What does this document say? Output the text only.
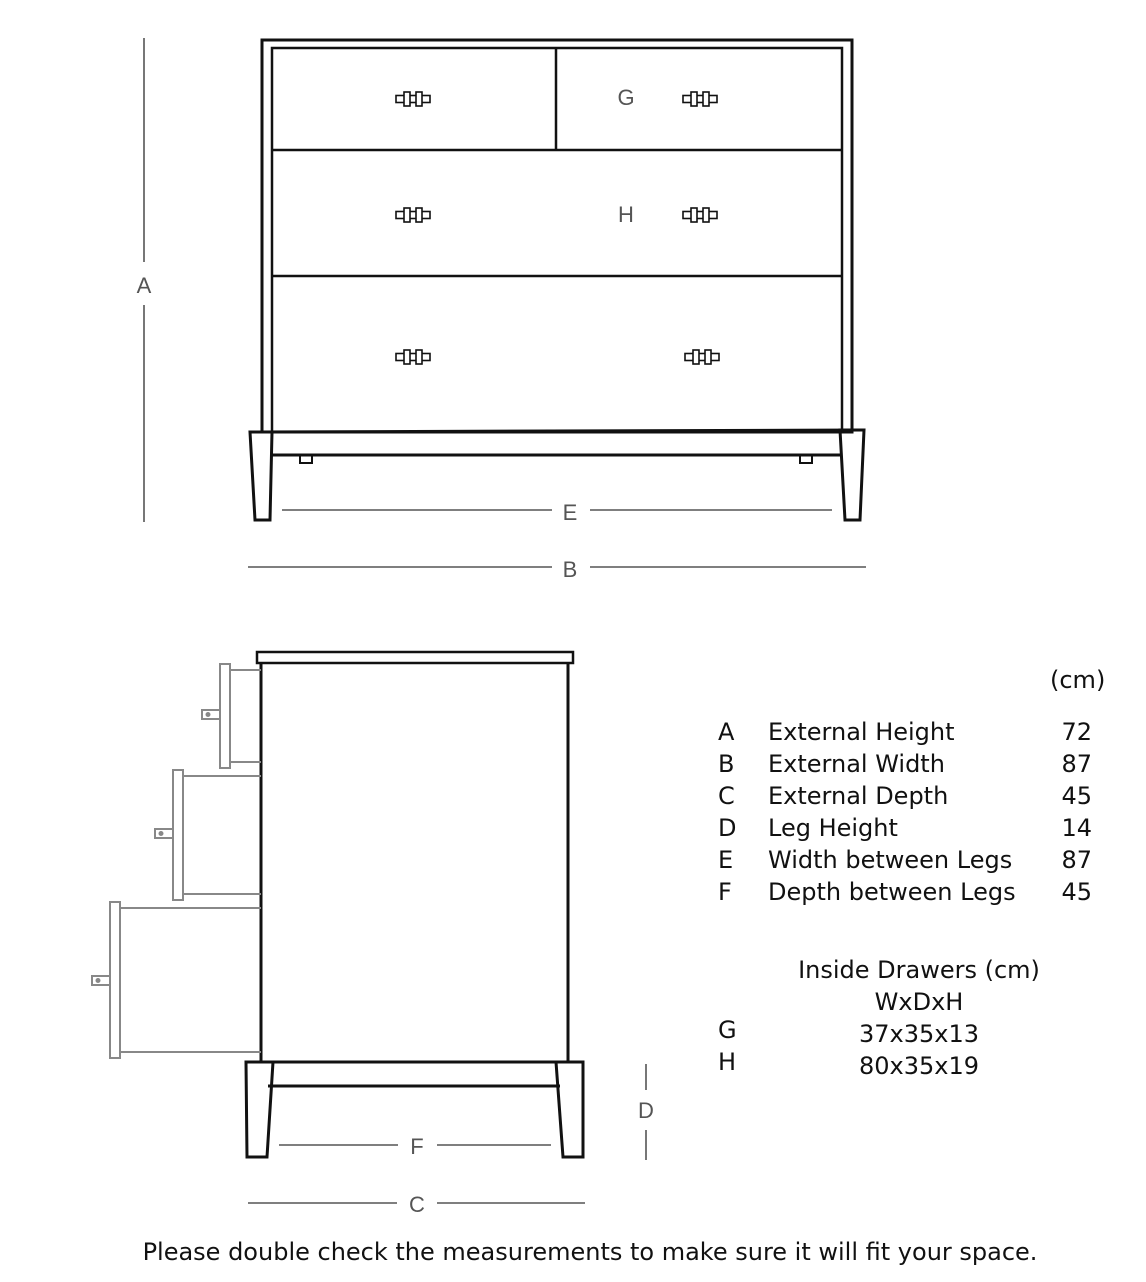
G
H
A
E
B
F
C
D
(cm)
A External Height	72
B External Width	87
C External Depth	45
D Leg Height	14
E Width between Legs	87
F Depth between Legs	45
Inside Drawers (cm)
WxDxH
G	37x35x13
H	80x35x19
Please double check the measurements to make sure it will fit your space.
